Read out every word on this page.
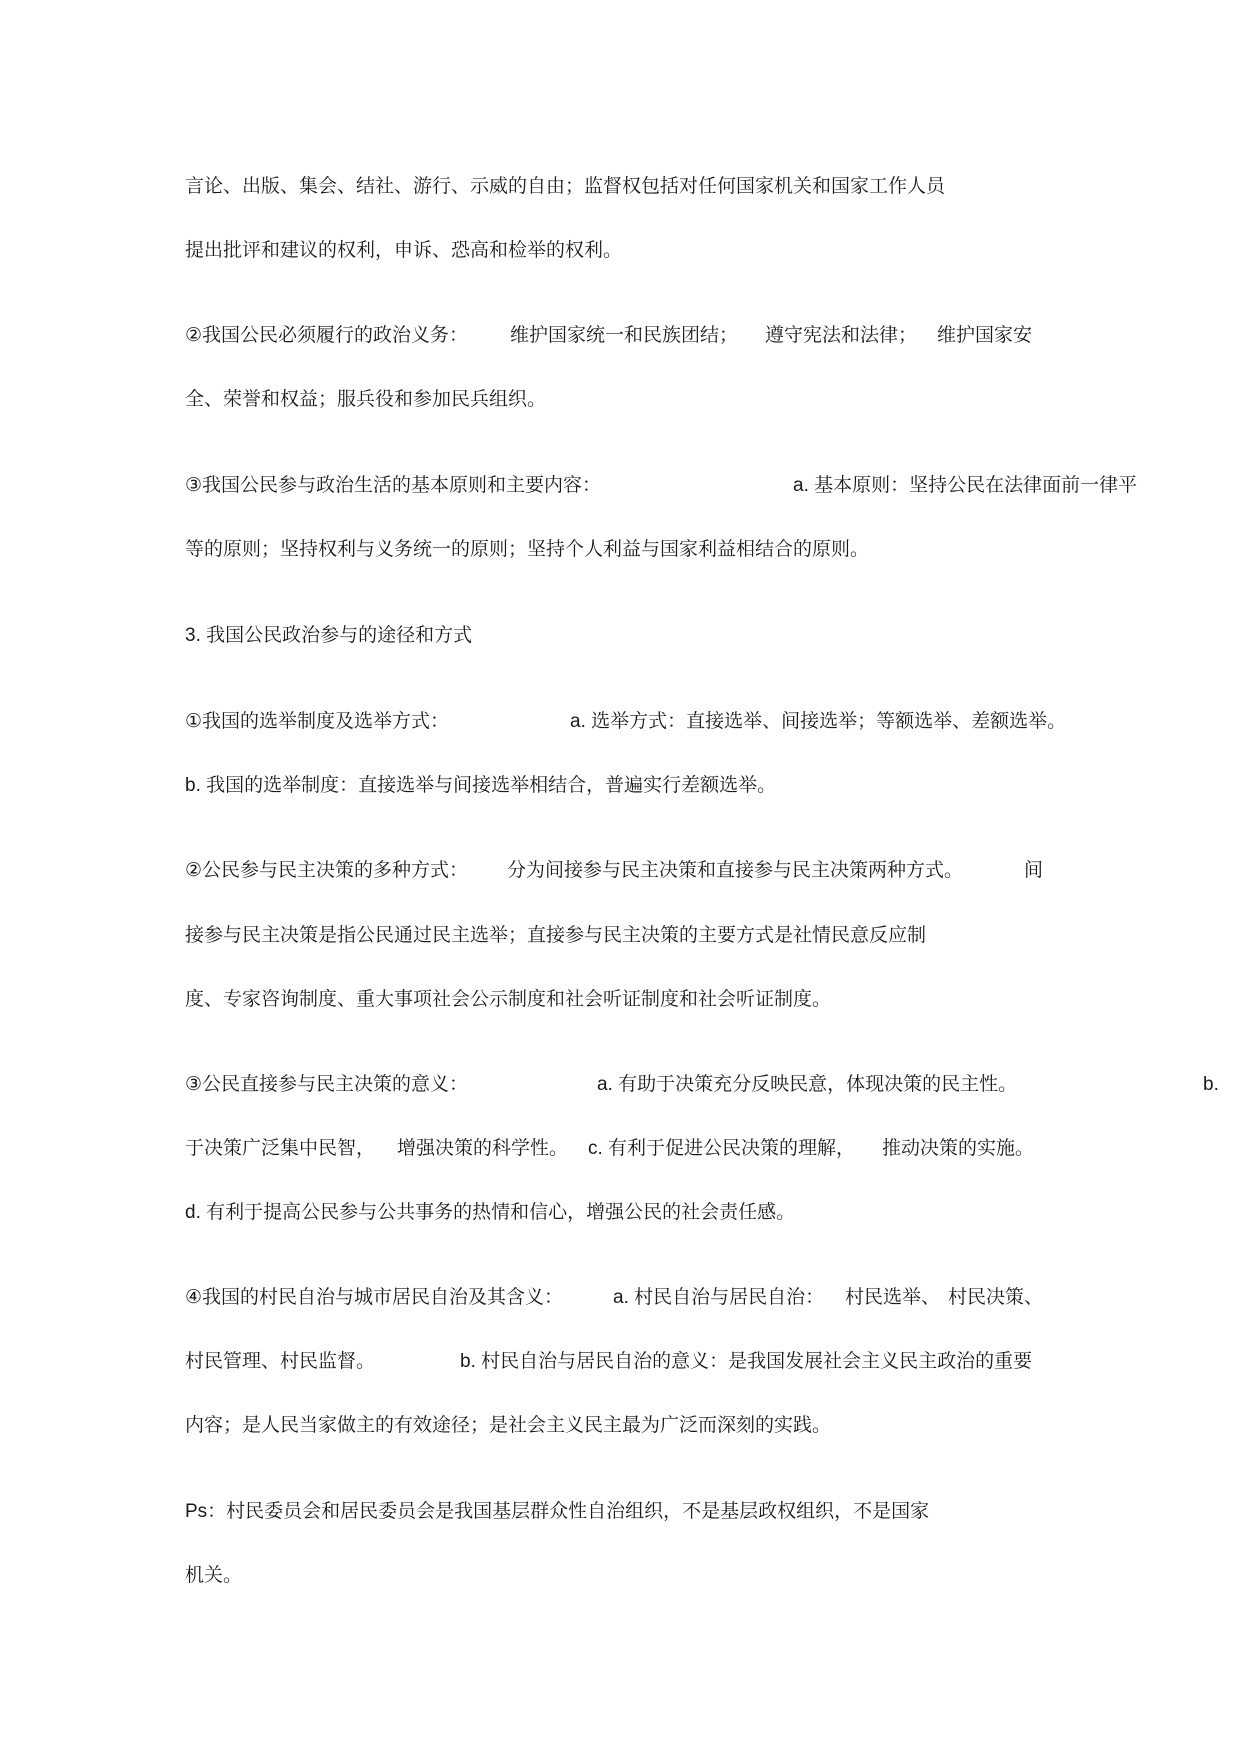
言论、出版、集会、结社、游行、示威的自由；监督权包括对任何国家机关和国家工作人员
提出批评和建议的权利，申诉、恐高和检举的权利。
②我国公民必须履行的政治义务： 维护国家统一和民族团结； 遵守宪法和法律； 维护国家安
全、荣誉和权益；服兵役和参加民兵组织。
③我国公民参与政治生活的基本原则和主要内容：	a. 基本原则：坚持公民在法律面前一律平
等的原则；坚持权利与义务统一的原则；坚持个人利益与国家利益相结合的原则。
3. 我国公民政治参与的途径和方式
①我国的选举制度及选举方式：	a. 选举方式：直接选举、间接选举；等额选举、差额选举。
b. 我国的选举制度：直接选举与间接选举相结合，普遍实行差额选举。
②公民参与民主决策的多种方式： 分为间接参与民主决策和直接参与民主决策两种方式。	间
接参与民主决策是指公民通过民主选举；直接参与民主决策的主要方式是社情民意反应制
度、专家咨询制度、重大事项社会公示制度和社会听证制度和社会听证制度。
③公民直接参与民主决策的意义：	a. 有助于决策充分反映民意，体现决策的民主性。	b.
于决策广泛集中民智， 增强决策的科学性。 c. 有利于促进公民决策的理解， 推动决策的实施。
d. 有利于提高公民参与公共事务的热情和信心，增强公民的社会责任感。
④我国的村民自治与城市居民自治及其含义：	a. 村民自治与居民自治： 村民选举、 村民决策、
村民管理、村民监督。	b. 村民自治与居民自治的意义：是我国发展社会主义民主政治的重要
内容；是人民当家做主的有效途径；是社会主义民主最为广泛而深刻的实践。
Ps：村民委员会和居民委员会是我国基层群众性自治组织，不是基层政权组织，不是国家
机关。
